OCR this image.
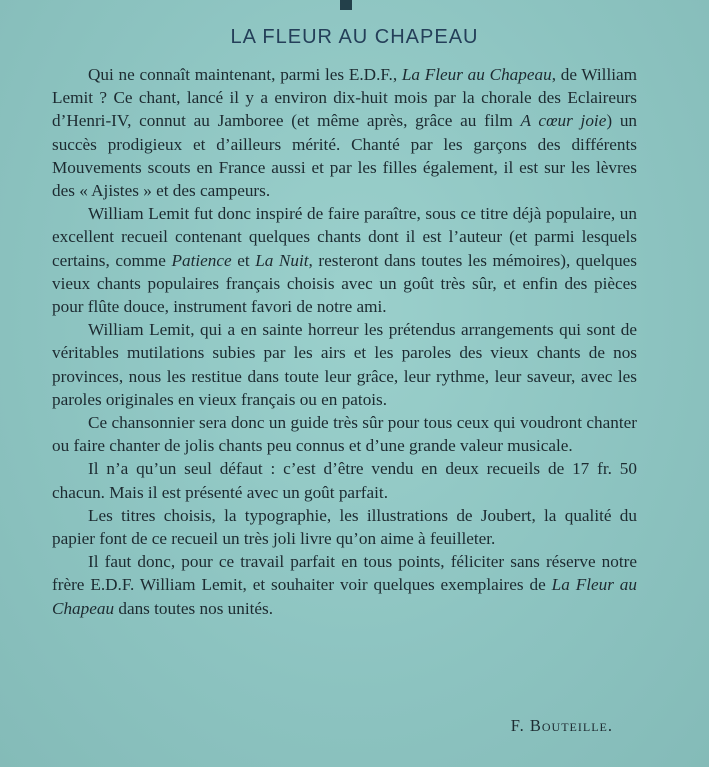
LA FLEUR AU CHAPEAU

Qui ne connaît maintenant, parmi les E.D.F., La Fleur au Chapeau, de William Lemit ? Ce chant, lancé il y a environ dix-huit mois par la chorale des Eclaireurs d’Henri-IV, connut au Jamboree (et même après, grâce au film A cœur joie) un succès prodigieux et d’ailleurs mérité. Chanté par les garçons des différents Mouvements scouts en France aussi et par les filles également, il est sur les lèvres des « Ajistes » et des campeurs.

William Lemit fut donc inspiré de faire paraître, sous ce titre déjà populaire, un excellent recueil contenant quelques chants dont il est l’auteur (et parmi lesquels certains, comme Patience et La Nuit, resteront dans toutes les mémoires), quelques vieux chants populaires français choisis avec un goût très sûr, et enfin des pièces pour flûte douce, instrument favori de notre ami.

William Lemit, qui a en sainte horreur les prétendus arrangements qui sont de véritables mutilations subies par les airs et les paroles des vieux chants de nos provinces, nous les restitue dans toute leur grâce, leur rythme, leur saveur, avec les paroles originales en vieux français ou en patois.

Ce chansonnier sera donc un guide très sûr pour tous ceux qui voudront chanter ou faire chanter de jolis chants peu connus et d’une grande valeur musicale.

Il n’a qu’un seul défaut : c’est d’être vendu en deux recueils de 17 fr. 50 chacun. Mais il est présenté avec un goût parfait.

Les titres choisis, la typographie, les illustrations de Joubert, la qualité du papier font de ce recueil un très joli livre qu’on aime à feuilleter.

Il faut donc, pour ce travail parfait en tous points, féliciter sans réserve notre frère E.D.F. William Lemit, et souhaiter voir quelques exemplaires de La Fleur au Chapeau dans toutes nos unités.

F. Bouteille.
